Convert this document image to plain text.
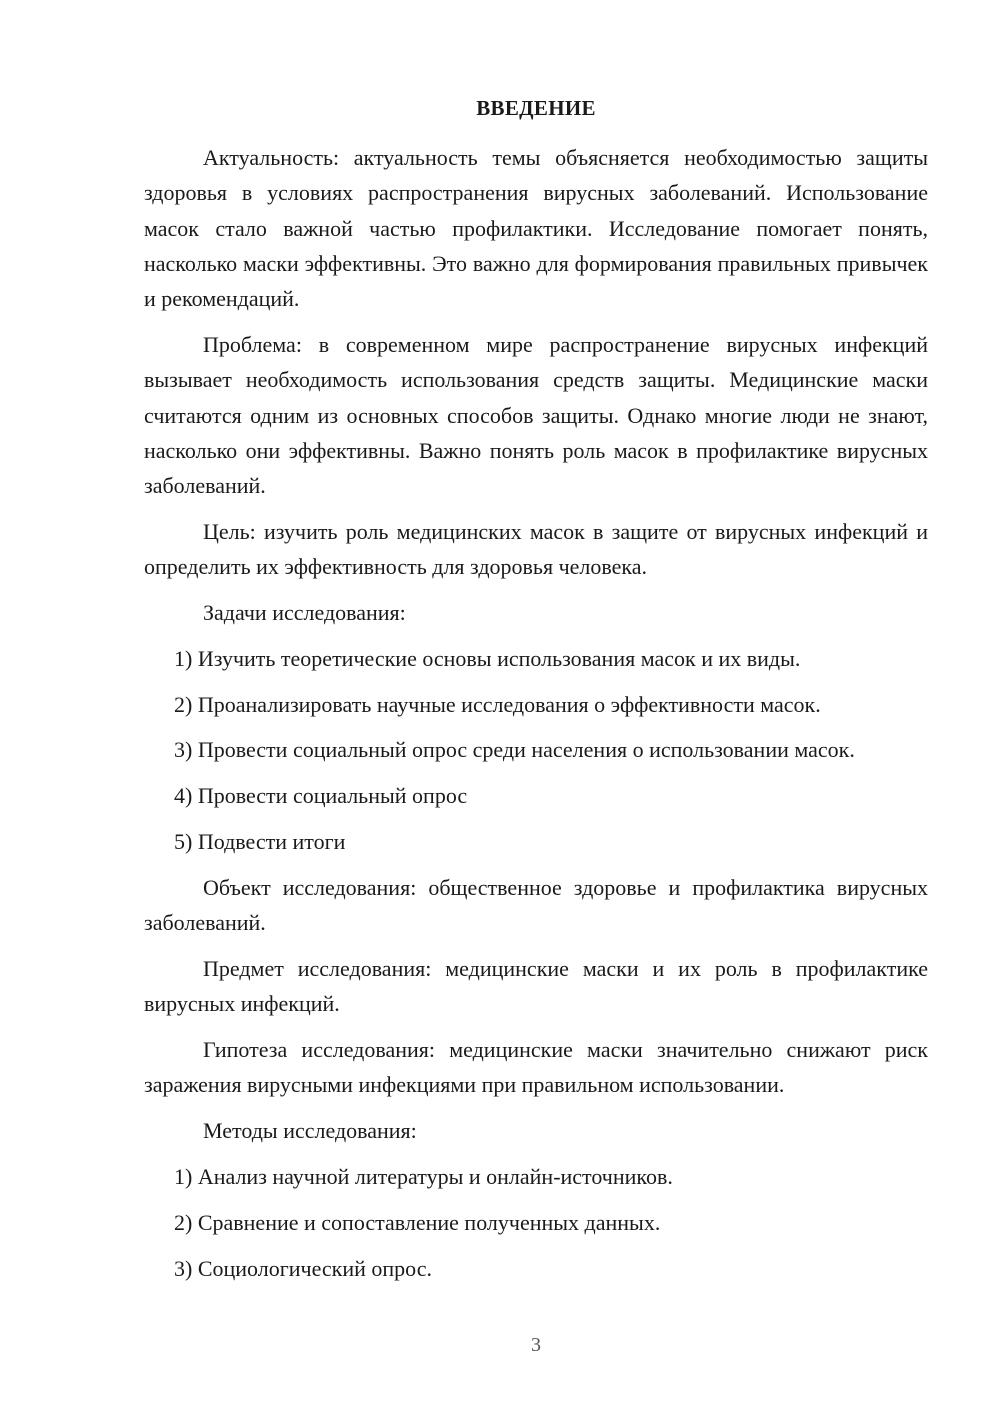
ВВЕДЕНИЕ

Актуальность: актуальность темы объясняется необходимостью защиты здоровья в условиях распространения вирусных заболеваний. Использование масок стало важной частью профилактики. Исследование помогает понять, насколько маски эффективны. Это важно для формирования правильных привычек и рекомендаций.

Проблема: в современном мире распространение вирусных инфекций вызывает необходимость использования средств защиты. Медицинские маски считаются одним из основных способов защиты. Однако многие люди не знают, насколько они эффективны. Важно понять роль масок в профилактике вирусных заболеваний.

Цель: изучить роль медицинских масок в защите от вирусных инфекций и определить их эффективность для здоровья человека.

Задачи исследования:

1) Изучить теоретические основы использования масок и их виды.

2) Проанализировать научные исследования о эффективности масок.

3) Провести социальный опрос среди населения о использовании масок.

4) Провести социальный опрос

5) Подвести итоги

Объект исследования: общественное здоровье и профилактика вирусных заболеваний.

Предмет исследования: медицинские маски и их роль в профилактике вирусных инфекций.

Гипотеза исследования: медицинские маски значительно снижают риск заражения вирусными инфекциями при правильном использовании.

Методы исследования:

1) Анализ научной литературы и онлайн-источников.

2) Сравнение и сопоставление полученных данных.

3) Социологический опрос.

3
